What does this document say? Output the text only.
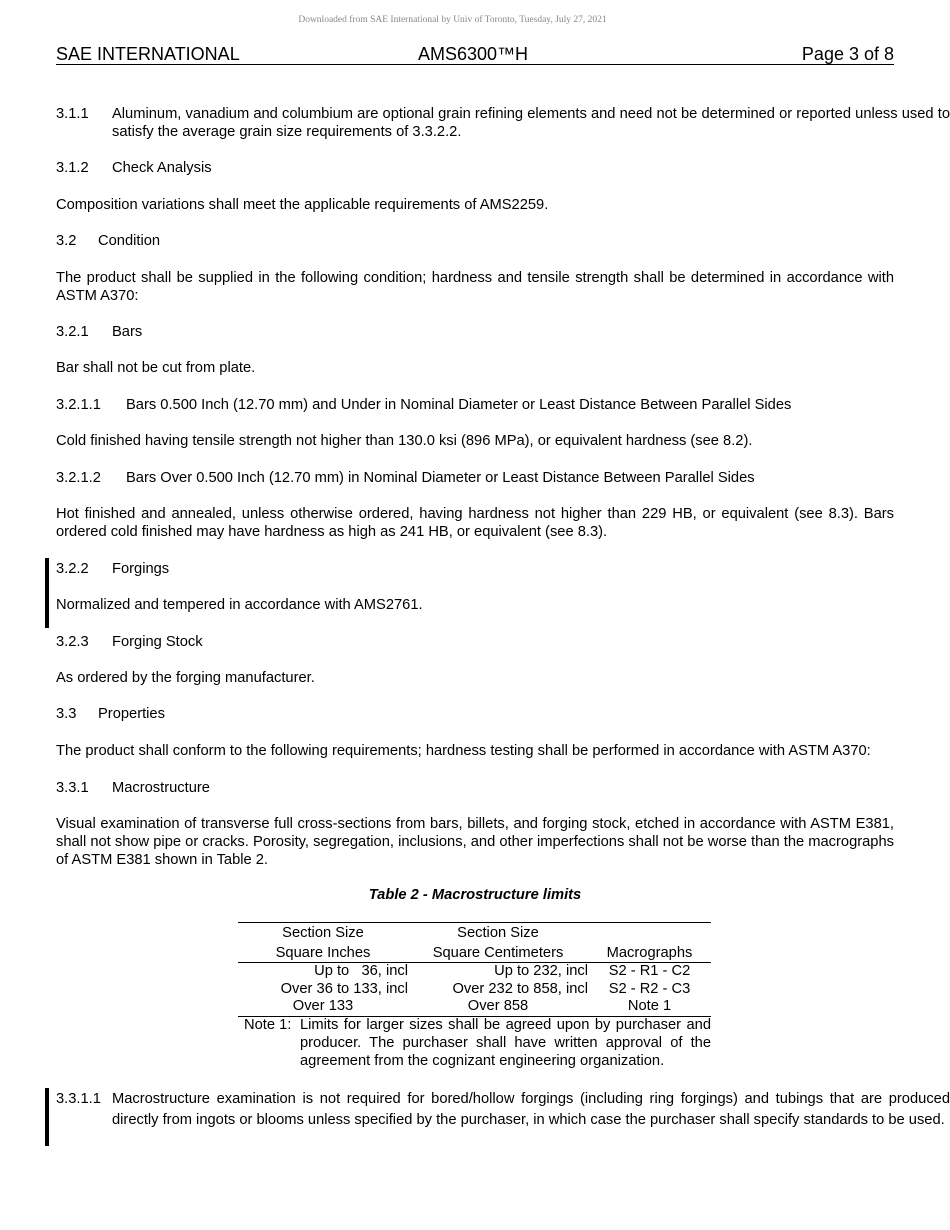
Downloaded from SAE International by Univ of Toronto, Tuesday, July 27, 2021
SAE INTERNATIONAL	AMS6300™H	Page 3 of 8
3.1.1 Aluminum, vanadium and columbium are optional grain refining elements and need not be determined or reported unless used to satisfy the average grain size requirements of 3.3.2.2.
3.1.2 Check Analysis
Composition variations shall meet the applicable requirements of AMS2259.
3.2 Condition
The product shall be supplied in the following condition; hardness and tensile strength shall be determined in accordance with ASTM A370:
3.2.1 Bars
Bar shall not be cut from plate.
3.2.1.1 Bars 0.500 Inch (12.70 mm) and Under in Nominal Diameter or Least Distance Between Parallel Sides
Cold finished having tensile strength not higher than 130.0 ksi (896 MPa), or equivalent hardness (see 8.2).
3.2.1.2 Bars Over 0.500 Inch (12.70 mm) in Nominal Diameter or Least Distance Between Parallel Sides
Hot finished and annealed, unless otherwise ordered, having hardness not higher than 229 HB, or equivalent (see 8.3). Bars ordered cold finished may have hardness as high as 241 HB, or equivalent (see 8.3).
3.2.2 Forgings
Normalized and tempered in accordance with AMS2761.
3.2.3 Forging Stock
As ordered by the forging manufacturer.
3.3 Properties
The product shall conform to the following requirements; hardness testing shall be performed in accordance with ASTM A370:
3.3.1 Macrostructure
Visual examination of transverse full cross-sections from bars, billets, and forging stock, etched in accordance with ASTM E381, shall not show pipe or cracks. Porosity, segregation, inclusions, and other imperfections shall not be worse than the macrographs of ASTM E381 shown in Table 2.
Table 2 - Macrostructure limits
Section Size	Section Size	
Square Inches	Square Centimeters	Macrographs
Up to   36, incl	Up to 232, incl	S2 - R1 - C2
Over 36 to 133, incl	Over 232 to 858, incl	S2 - R2 - C3
Over 133	Over 858	Note 1
Note 1: Limits for larger sizes shall be agreed upon by purchaser and producer. The purchaser shall have written approval of the agreement from the cognizant engineering organization.
3.3.1.1 Macrostructure examination is not required for bored/hollow forgings (including ring forgings) and tubings that are produced directly from ingots or blooms unless specified by the purchaser, in which case the purchaser shall specify standards to be used.
